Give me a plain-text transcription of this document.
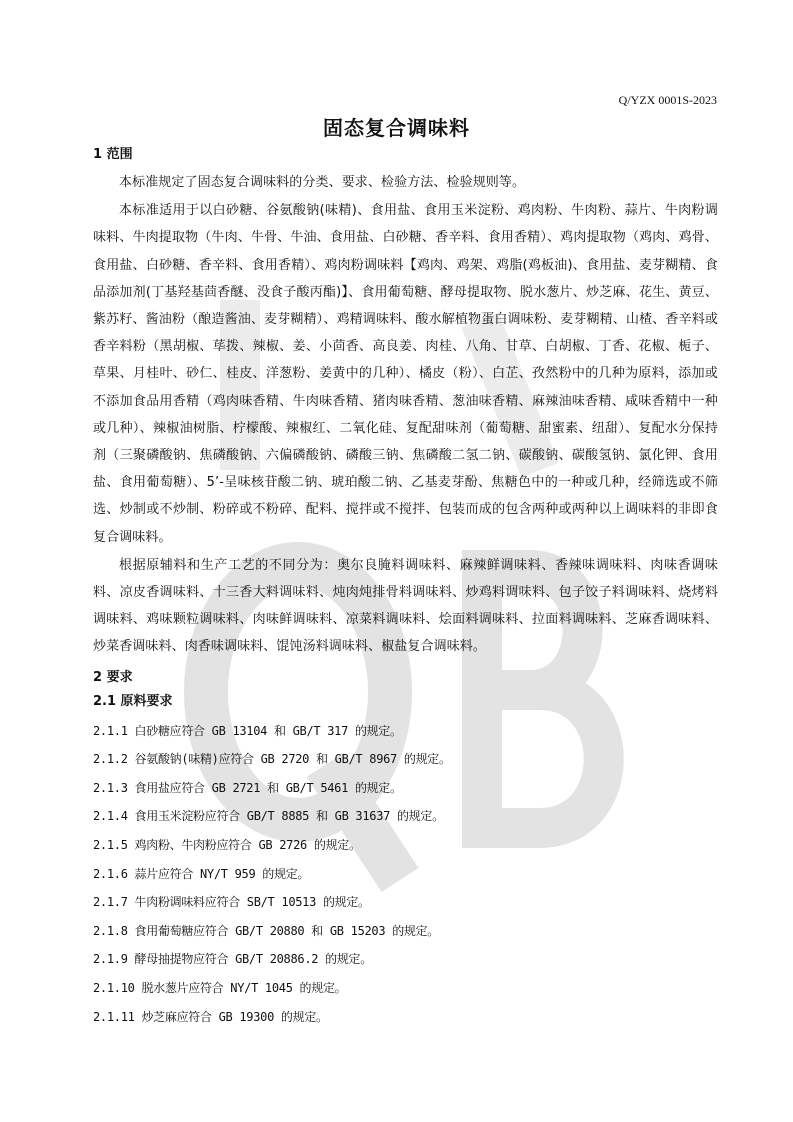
Q/YZX 0001S-2023
固态复合调味料
1 范围

本标准规定了固态复合调味料的分类、要求、检验方法、检验规则等。

本标准适用于以白砂糖、谷氨酸钠(味精)、食用盐、食用玉米淀粉、鸡肉粉、牛肉粉、蒜片、牛肉粉调味料、牛肉提取物（牛肉、牛骨、牛油、食用盐、白砂糖、香辛料、食用香精）、鸡肉提取物（鸡肉、鸡骨、食用盐、白砂糖、香辛料、食用香精）、鸡肉粉调味料【鸡肉、鸡架、鸡脂(鸡板油)、食用盐、麦芽糊精、食品添加剂(丁基羟基茴香醚、没食子酸丙酯)】、食用葡萄糖、酵母提取物、脱水葱片、炒芝麻、花生、黄豆、紫苏籽、酱油粉（酿造酱油、麦芽糊精）、鸡精调味料、酸水解植物蛋白调味粉、麦芽糊精、山楂、香辛料或香辛料粉（黑胡椒、荜拨、辣椒、姜、小茴香、高良姜、肉桂、八角、甘草、白胡椒、丁香、花椒、栀子、草果、月桂叶、砂仁、桂皮、洋葱粉、姜黄中的几种）、橘皮（粉）、白芷、孜然粉中的几种为原料，添加或不添加食品用香精（鸡肉味香精、牛肉味香精、猪肉味香精、葱油味香精、麻辣油味香精、咸味香精中一种或几种）、辣椒油树脂、柠檬酸、辣椒红、二氧化硅、复配甜味剂（葡萄糖、甜蜜素、纽甜）、复配水分保持剂（三聚磷酸钠、焦磷酸钠、六偏磷酸钠、磷酸三钠、焦磷酸二氢二钠、碳酸钠、碳酸氢钠、氯化钾、食用盐、食用葡萄糖）、5’-呈味核苷酸二钠、琥珀酸二钠、乙基麦芽酚、焦糖色中的一种或几种，经筛选或不筛选、炒制或不炒制、粉碎或不粉碎、配料、搅拌或不搅拌、包装而成的包含两种或两种以上调味料的非即食复合调味料。

根据原辅料和生产工艺的不同分为：奥尔良腌料调味料、麻辣鲜调味料、香辣味调味料、肉味香调味料、凉皮香调味料、十三香大料调味料、炖肉炖排骨料调味料、炒鸡料调味料、包子饺子料调味料、烧烤料调味料、鸡味颗粒调味料、肉味鲜调味料、凉菜料调味料、烩面料调味料、拉面料调味料、芝麻香调味料、炒菜香调味料、肉香味调味料、馄饨汤料调味料、椒盐复合调味料。

2 要求
2.1 原料要求
2.1.1 白砂糖应符合 GB 13104 和 GB/T 317 的规定。
2.1.2 谷氨酸钠(味精)应符合 GB 2720 和 GB/T 8967 的规定。
2.1.3 食用盐应符合 GB 2721 和 GB/T 5461 的规定。
2.1.4 食用玉米淀粉应符合 GB/T 8885 和 GB 31637 的规定。
2.1.5 鸡肉粉、牛肉粉应符合 GB 2726 的规定。
2.1.6 蒜片应符合 NY/T 959 的规定。
2.1.7 牛肉粉调味料应符合 SB/T 10513 的规定。
2.1.8 食用葡萄糖应符合 GB/T 20880 和 GB 15203 的规定。
2.1.9 酵母抽提物应符合 GB/T 20886.2 的规定。
2.1.10 脱水葱片应符合 NY/T 1045 的规定。
2.1.11 炒芝麻应符合 GB 19300 的规定。
